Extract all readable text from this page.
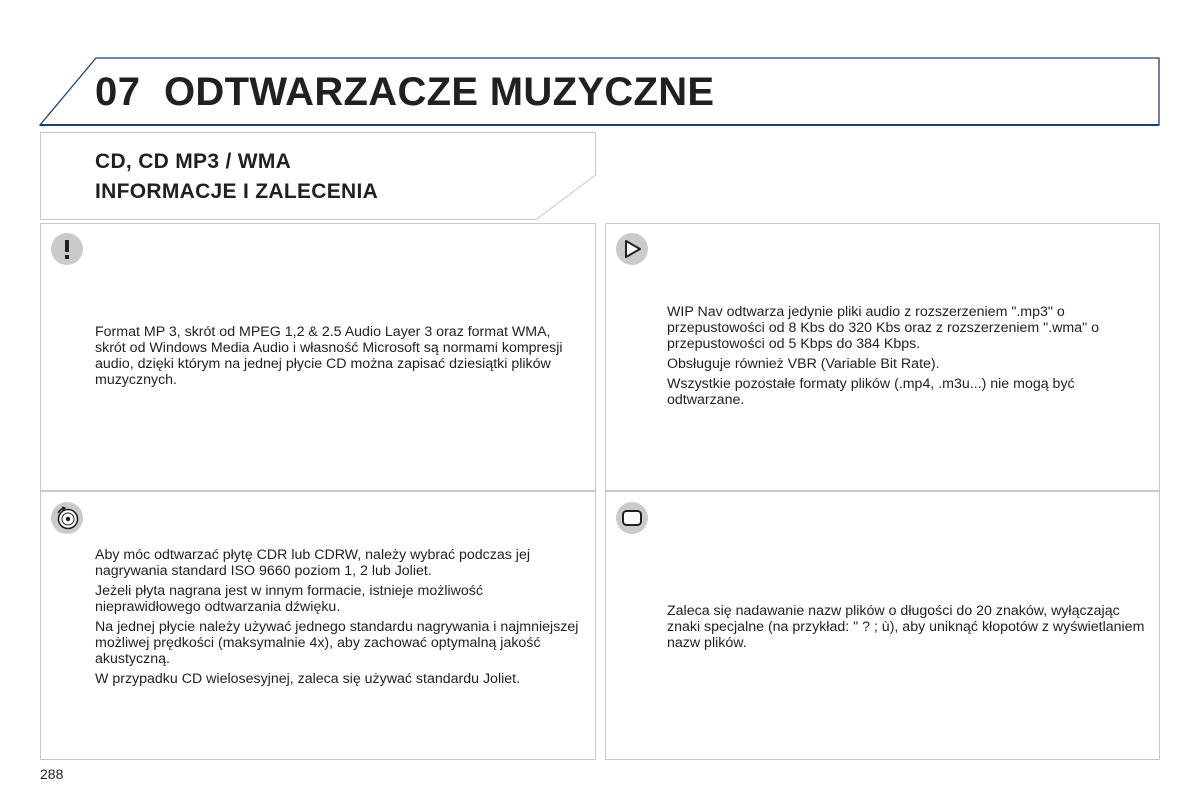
07 ODTWARZACZE MUZYCZNE
CD, CD MP3 / WMA
INFORMACJE I ZALECENIA

Format MP 3, skrót od MPEG 1,2 & 2.5 Audio Layer 3 oraz format WMA, skrót od Windows Media Audio i własność Microsoft są normami kompresji audio, dzięki którym na jednej płycie CD można zapisać dziesiątki plików muzycznych.

WIP Nav odtwarza jedynie pliki audio z rozszerzeniem ".mp3" o przepustowości od 8 Kbs do 320 Kbs oraz z rozszerzeniem ".wma" o przepustowości od 5 Kbps do 384 Kbps.

Obsługuje również VBR (Variable Bit Rate).

Wszystkie pozostałe formaty plików (.mp4, .m3u...) nie mogą być odtwarzane.

Aby móc odtwarzać płytę CDR lub CDRW, należy wybrać podczas jej nagrywania standard ISO 9660 poziom 1, 2 lub Joliet.

Jeżeli płyta nagrana jest w innym formacie, istnieje możliwość nieprawidłowego odtwarzania dźwięku.

Na jednej płycie należy używać jednego standardu nagrywania i najmniejszej możliwej prędkości (maksymalnie 4x), aby zachować optymalną jakość akustyczną.

W przypadku CD wielosesyjnej, zaleca się używać standardu Joliet.

Zaleca się nadawanie nazw plików o długości do 20 znaków, wyłączając znaki specjalne (na przykład: " ? ; ù), aby uniknąć kłopotów z wyświetlaniem nazw plików.

288
